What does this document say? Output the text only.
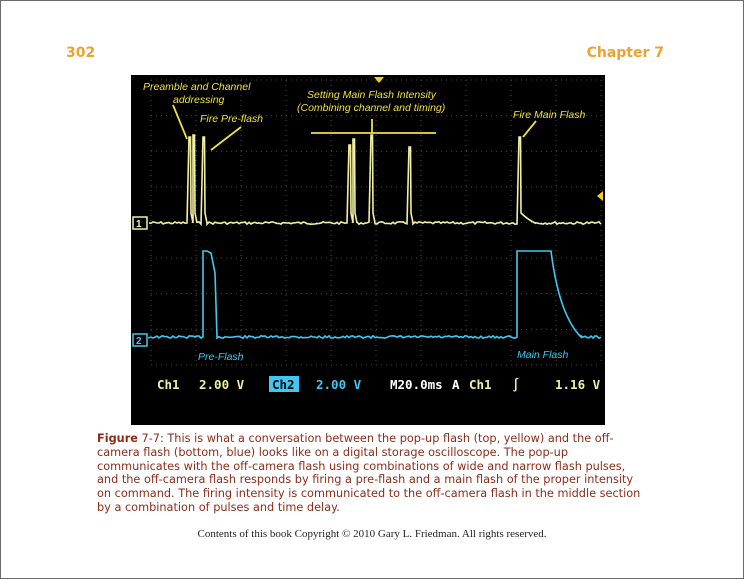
302	Chapter 7
Preamble and Channel
addressing
Fire Pre-flash
Setting Main Flash Intensity
(Combining channel and timing)
Fire Main Flash
Pre-Flash	Main Flash
1
2
Ch1 2.00 V Ch2 2.00 V M20.0ms A Ch1 ∫	1.16 V
Figure 7-7: This is what a conversation between the pop-up flash (top, yellow) and the off-camera flash (bottom, blue) looks like on a digital storage oscilloscope. The pop-up communicates with the off-camera flash using combinations of wide and narrow flash pulses, and the off-camera flash responds by firing a pre-flash and a main flash of the proper intensity on command. The firing intensity is communicated to the off-camera flash in the middle section by a combination of pulses and time delay.
Contents of this book Copyright © 2010 Gary L. Friedman. All rights reserved.
